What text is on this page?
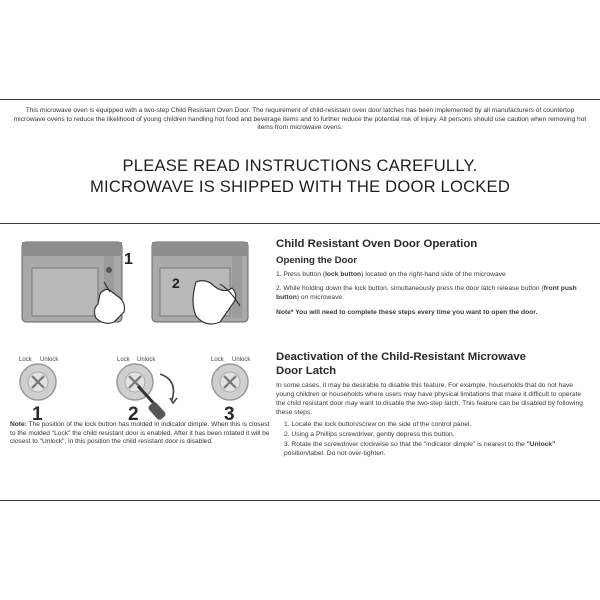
This microwave oven is equipped with a two-step Child Resistant Oven Door. The requirement of child-resistant oven door latches has been implemented by all manufacturers of countertop microwave ovens to reduce the likelihood of young children handling hot food and beverage items and to further reduce the potential risk of injury. All persons should use caution when removing hot items from microwave ovens.
PLEASE READ INSTRUCTIONS CAREFULLY.
MICROWAVE IS SHIPPED WITH THE DOOR LOCKED
1
2
Lock Unlock	Lock Unlock	Lock Unlock
1	2	3
Note: The position of the lock button has molded in indicator dimple. When this is closest to the molded "Lock" the child resistant door is enabled. After it has been rotated it will be closest to "Unlock", in this position the child resistant door is disabled.
Child Resistant Oven Door Operation
Opening the Door
1. Press button (lock button) located on the right-hand side of the microwave
2. While holding down the lock button, simultaneously press the door latch release button (front push button) on microwave.
Note* You will need to complete these steps every time you want to open the door.
Deactivation of the Child-Resistant Microwave
Door Latch
In some cases, it may be desirable to disable this feature. For example, households that do not have young children or households where users may have physical limitations that make it difficult to operate the child resistant door may want to disable the two-step latch. This feature can be disabled by following these steps.
1. Locate the lock button/screw on the side of the control panel.
2. Using a Phillips screwdriver, gently depress this button.
3. Rotate the screwdriver clockwise so that the "indicator dimple" is nearest to the "Unlock" position/label. Do not over-tighten.
